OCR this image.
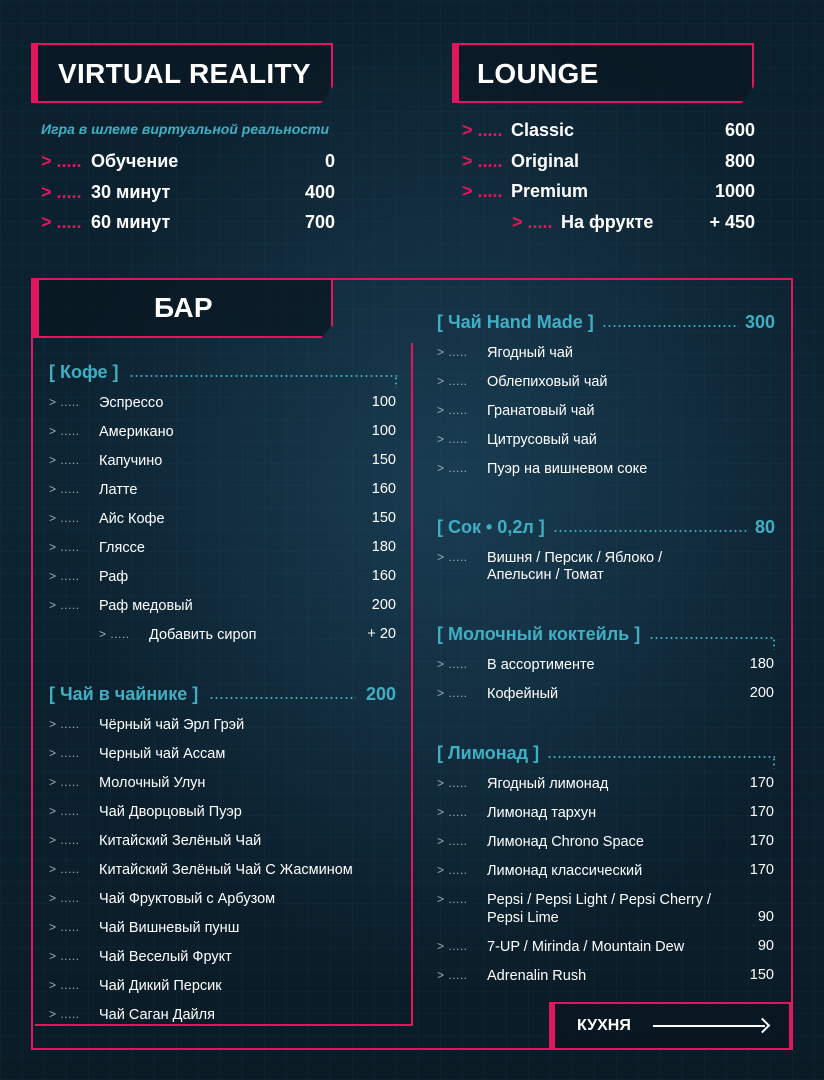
VIRTUAL REALITY
Игра в шлеме виртуальной реальности
> ..... Обучение	0
> ..... 30 минут	400
> ..... 60 минут	700
LOUNGE
> ..... Classic	600
> ..... Original	800
> ..... Premium	1000
> ..... На фрукте	+ 450
БАР
[ Кофе ]
> ..... Эспрессо	100
> ..... Американо	100
> ..... Капучино	150
> ..... Латте	160
> ..... Айс Кофе	150
> ..... Гляссе	180
> ..... Раф	160
> ..... Раф медовый	200
> ..... Добавить сироп	+ 20
[ Чай в чайнике ]	200
> ..... Чёрный чай Эрл Грэй
> ..... Черный чай Ассам
> ..... Молочный Улун
> ..... Чай Дворцовый Пуэр
> ..... Китайский Зелёный Чай
> ..... Китайский Зелёный Чай С Жасмином
> ..... Чай Фруктовый с Арбузом
> ..... Чай Вишневый пунш
> ..... Чай Веселый Фрукт
> ..... Чай Дикий Персик
> ..... Чай Саган Дайля
[ Чай Hand Made ]	300
> ..... Ягодный чай
> ..... Облепиховый чай
> ..... Гранатовый чай
> ..... Цитрусовый чай
> ..... Пуэр на вишневом соке
[ Сок • 0,2л ]	80
> ..... Вишня / Персик / Яблоко /
Апельсин / Томат
[ Молочный коктейль ]
> ..... В ассортименте	180
> ..... Кофейный	200
[ Лимонад ]
> ..... Ягодный лимонад	170
> ..... Лимонад тархун	170
> ..... Лимонад Chrono Space	170
> ..... Лимонад классический	170
> ..... Pepsi / Pepsi Light / Pepsi Cherry /
Pepsi Lime	90
> ..... 7-UP / Mirinda / Mountain Dew	90
> ..... Adrenalin Rush	150
КУХНЯ
